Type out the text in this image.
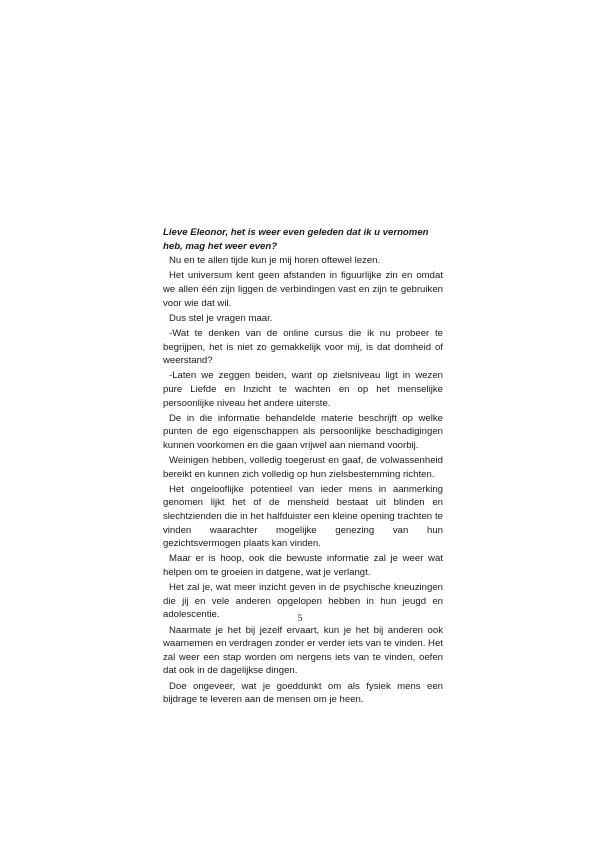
Lieve Eleonor, het is weer even geleden dat ik u vernomen heb, mag het weer even?

Nu en te allen tijde kun je mij horen oftewel lezen.

Het universum kent geen afstanden in figuurlijke zin en omdat we allen één zijn liggen de verbindingen vast en zijn te gebruiken voor wie dat wil.

Dus stel je vragen maar.

-Wat te denken van de online cursus die ik nu probeer te begrijpen, het is niet zo gemakkelijk voor mij, is dat domheid of weerstand?

-Laten we zeggen beiden, want op zielsniveau ligt in wezen pure Liefde en Inzicht te wachten en op het menselijke persoonlijke niveau het andere uiterste.

De in die informatie behandelde materie beschrijft op welke punten de ego eigenschappen als persoonlijke beschadigingen kunnen voorkomen en die gaan vrijwel aan niemand voorbij.

Weinigen hebben, volledig toegerust en gaaf, de volwassenheid bereikt en kunnen zich volledig op hun zielsbestemming richten.

Het ongelooflijke potentieel van ieder mens in aanmerking genomen lijkt het of de mensheid bestaat uit blinden en slechtzienden die in het halfduister een kleine opening trachten te vinden waarachter mogelijke genezing van hun gezichtsvermogen plaats kan vinden.

Maar er is hoop, ook die bewuste informatie zal je weer wat helpen om te groeien in datgene, wat je verlangt.

Het zal je, wat meer inzicht geven in de psychische kneuzingen die jij en vele anderen opgelopen hebben in hun jeugd en adolescentie.

Naarmate je het bij jezelf ervaart, kun je het bij anderen ook waarnemen en verdragen zonder er verder iets van te vinden. Het zal weer een stap worden om nergens iets van te vinden, oefen dat ook in de dagelijkse dingen.

Doe ongeveer, wat je goeddunkt om als fysiek mens een bijdrage te leveren aan de mensen om je heen.

5
